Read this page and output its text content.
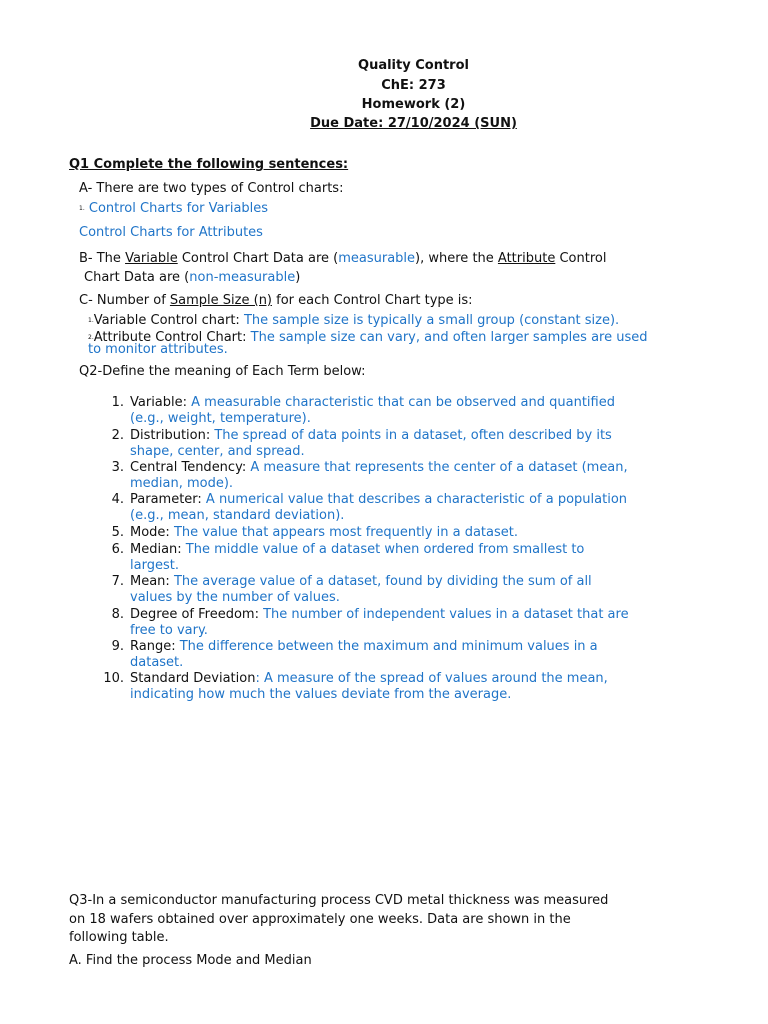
Quality Control
ChE: 273
Homework (2)
Due Date: 27/10/2024 (SUN)
Q1 Complete the following sentences:
A- There are two types of Control charts:
1. Control Charts for Variables
Control Charts for Attributes
B- The Variable Control Chart Data are (measurable), where the Attribute Control
Chart Data are (non-measurable)
C- Number of Sample Size (n) for each Control Chart type is:
1.Variable Control chart: The sample size is typically a small group (constant size).
2.Attribute Control Chart: The sample size can vary, and often larger samples are used
to monitor attributes.
Q2-Define the meaning of Each Term below:
1. Variable: A measurable characteristic that can be observed and quantified
(e.g., weight, temperature).
2. Distribution: The spread of data points in a dataset, often described by its
shape, center, and spread.
3. Central Tendency: A measure that represents the center of a dataset (mean,
median, mode).
4. Parameter: A numerical value that describes a characteristic of a population
(e.g., mean, standard deviation).
5. Mode: The value that appears most frequently in a dataset.
6. Median: The middle value of a dataset when ordered from smallest to
largest.
7. Mean: The average value of a dataset, found by dividing the sum of all
values by the number of values.
8. Degree of Freedom: The number of independent values in a dataset that are
free to vary.
9. Range: The difference between the maximum and minimum values in a
dataset.
10. Standard Deviation: A measure of the spread of values around the mean,
indicating how much the values deviate from the average.
Q3-In a semiconductor manufacturing process CVD metal thickness was measured
on 18 wafers obtained over approximately one weeks. Data are shown in the
following table.
A. Find the process Mode and Median
